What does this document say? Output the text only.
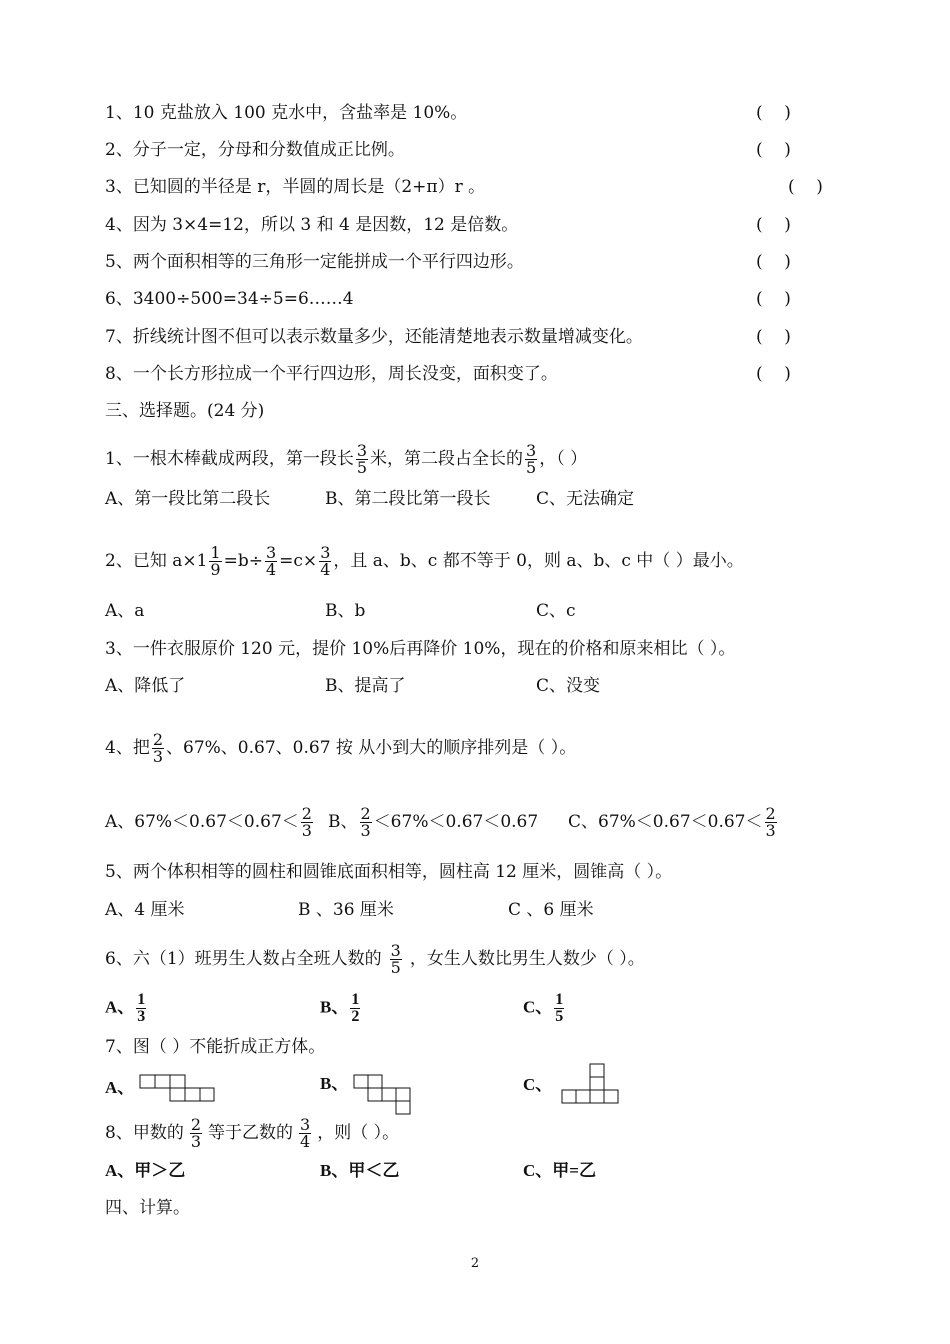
1、10 克盐放入 100 克水中，含盐率是 10%。	(    )
2、分子一定，分母和分数值成正比例。	(    )
3、已知圆的半径是 r，半圆的周长是（2+π）r 。	(    )
4、因为 3×4=12，所以 3 和 4 是因数，12 是倍数。	(    )
5、两个面积相等的三角形一定能拼成一个平行四边形。	(    )
6、3400÷500=34÷5=6……4	(    )
7、折线统计图不但可以表示数量多少，还能清楚地表示数量增减变化。	(    )
8、一个长方形拉成一个平行四边形，周长没变，面积变了。	(    )
三、选择题。(24 分)
1、一根木棒截成两段，第一段长 $\frac{3}{5}$ 米，第二段占全长的 $\frac{3}{5}$ ，（ ）
A、第一段比第二段长	B、第二段比第一段长	C、无法确定
2、已知 $a\times 1 \frac{1}{9} =b\div \frac{3}{4} =c\times \frac{3}{4}$ ，且 a、b、c 都不等于 0，则 a、b、c 中（ ）最小。
A、a	B、b	C、c
3、一件衣服原价 120 元，提价 10%后再降价 10%，现在的价格和原来相比（ ）。
A、降低了	B、提高了	C、没变
4、把 $\frac{2}{3}$ 、67%、0.67、0.67 按 从小到大的顺序排列是（ ）。
A、$67\%<0.67<0.67< \frac{2}{3}$ B、 $\frac{2}{3} <67\%<0.67<0.67$ C、$67\%<0.67<0.67< \frac{2}{3}$
5、两个体积相等的圆柱和圆锥底面积相等，圆柱高 12 厘米，圆锥高（ ）。
A、4 厘米	B 、36 厘米	C 、6 厘米
6、六（1）班男生人数占全班人数的 $\frac{3}{5}$ ，女生人数比男生人数少（ ）。
A、 $\frac{1}{3}$	B、 $\frac{1}{2}$	C、 $\frac{1}{5}$
7、图（ ）不能折成正方体。
A、	B、	C、
8、甲数的 $\frac{2}{3}$ 等于乙数的 $\frac{3}{4}$ ，则（ ）。
A、甲＞乙	B、甲＜乙	C、甲=乙
四、计算。
2
